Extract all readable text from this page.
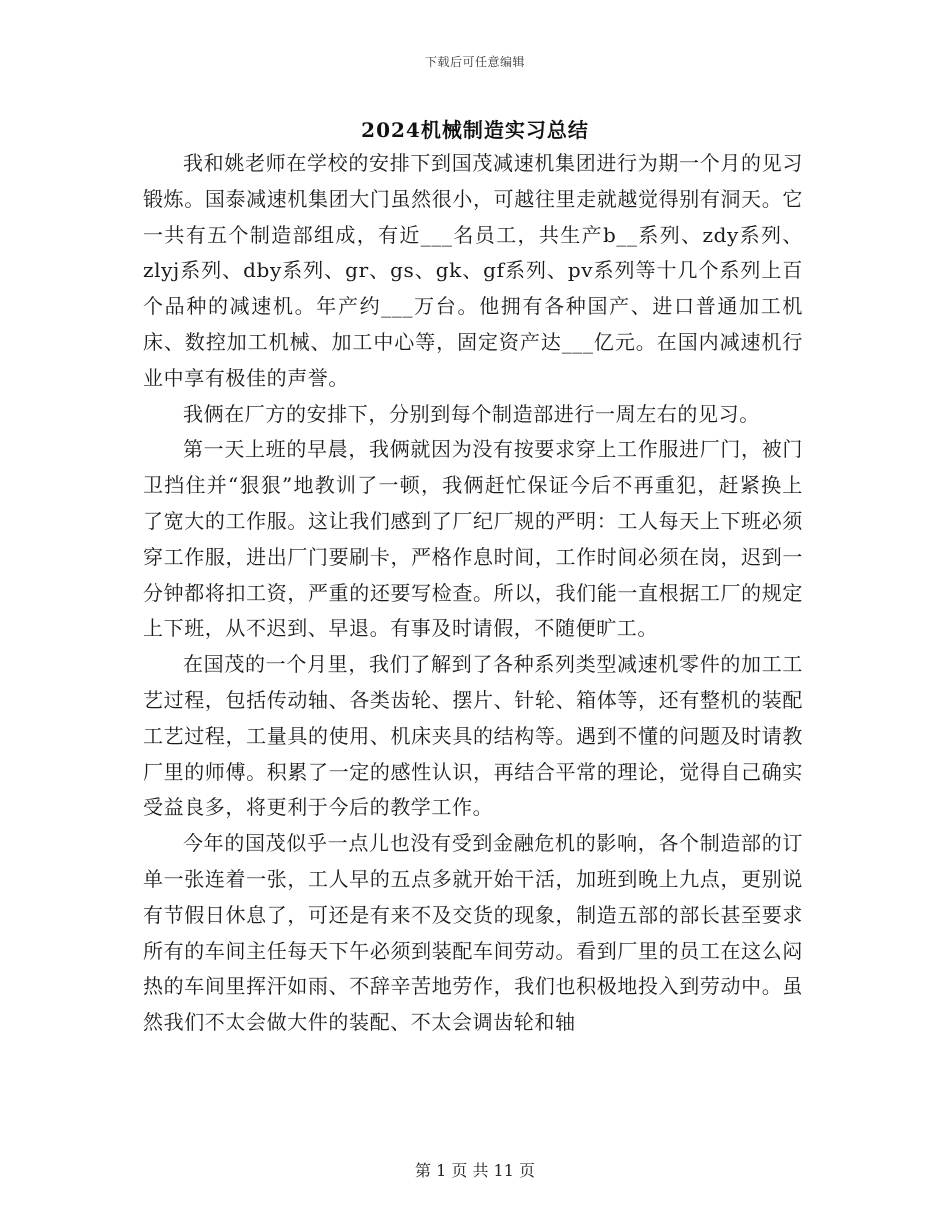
下载后可任意编辑
2024机械制造实习总结

我和姚老师在学校的安排下到国茂减速机集团进行为期一个月的见习锻炼。国泰减速机集团大门虽然很小，可越往里走就越觉得别有洞天。它一共有五个制造部组成，有近___名员工，共生产b__系列、zdy系列、zlyj系列、dby系列、gr、gs、gk、gf系列、pv系列等十几个系列上百个品种的减速机。年产约___万台。他拥有各种国产、进口普通加工机床、数控加工机械、加工中心等，固定资产达___亿元。在国内减速机行业中享有极佳的声誉。

我俩在厂方的安排下，分别到每个制造部进行一周左右的见习。

第一天上班的早晨，我俩就因为没有按要求穿上工作服进厂门，被门卫挡住并“狠狠”地教训了一顿，我俩赶忙保证今后不再重犯，赶紧换上了宽大的工作服。这让我们感到了厂纪厂规的严明：工人每天上下班必须穿工作服，进出厂门要刷卡，严格作息时间，工作时间必须在岗，迟到一分钟都将扣工资，严重的还要写检查。所以，我们能一直根据工厂的规定上下班，从不迟到、早退。有事及时请假，不随便旷工。

在国茂的一个月里，我们了解到了各种系列类型减速机零件的加工工艺过程，包括传动轴、各类齿轮、摆片、针轮、箱体等，还有整机的装配工艺过程，工量具的使用、机床夹具的结构等。遇到不懂的问题及时请教厂里的师傅。积累了一定的感性认识，再结合平常的理论，觉得自己确实受益良多，将更利于今后的教学工作。

今年的国茂似乎一点儿也没有受到金融危机的影响，各个制造部的订单一张连着一张，工人早的五点多就开始干活，加班到晚上九点，更别说有节假日休息了，可还是有来不及交货的现象，制造五部的部长甚至要求所有的车间主任每天下午必须到装配车间劳动。看到厂里的员工在这么闷热的车间里挥汗如雨、不辞辛苦地劳作，我们也积极地投入到劳动中。虽然我们不太会做大件的装配、不太会调齿轮和轴

第 1 页 共 11 页
